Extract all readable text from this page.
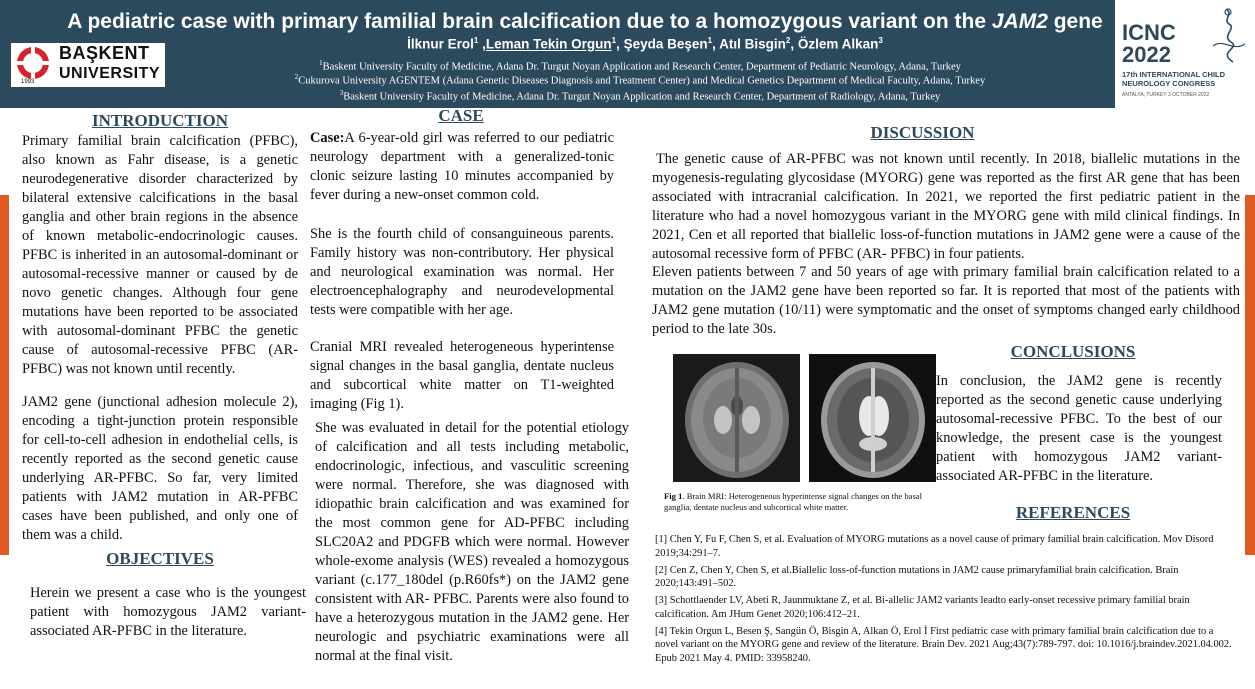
A pediatric case with primary familial brain calcification due to a homozygous variant on the JAM2 gene
İlknur Erol$^1$ ,Leman Tekin Orgun$^1$, Şeyda Beşen$^1$, Atıl Bisgin$^2$, Özlem Alkan$^3$
$^1$Baskent University Faculty of Medicine, Adana Dr. Turgut Noyan Application and Research Center, Department of Pediatric Neurology, Adana, Turkey
$^2$Cukurova University AGENTEM (Adana Genetic Diseases Diagnosis and Treatment Center) and Medical Genetics Department of Medical Faculty, Adana, Turkey
$^3$Baskent University Faculty of Medicine, Adana Dr. Turgut Noyan Application and Research Center, Department of Radiology, Adana, Turkey
BAŞKENT
UNIVERSITY
1993
ICNC
2022
17th INTERNATIONAL CHILD NEUROLOGY CONGRESS
ANTALYA, TURKEY 3 OCTOBER 2022
INTRODUCTION
Primary familial brain calcification (PFBC), also known as Fahr disease, is a genetic neurodegenerative disorder characterized by bilateral extensive calcifications in the basal ganglia and other brain regions in the absence of known metabolic-endocrinologic causes. PFBC is inherited in an autosomal-dominant or autosomal-recessive manner or caused by de novo genetic changes. Although four gene mutations have been reported to be associated with autosomal-dominant PFBC the genetic cause of autosomal-recessive PFBC (AR-PFBC) was not known until recently.
JAM2 gene (junctional adhesion molecule 2), encoding a tight-junction protein responsible for cell-to-cell adhesion in endothelial cells, is recently reported as the second genetic cause underlying AR-PFBC. So far, very limited patients with JAM2 mutation in AR-PFBC cases have been published, and only one of them was a child.
OBJECTIVES
Herein we present a case who is the youngest patient with homozygous JAM2 variant-associated AR-PFBC in the literature.
CASE
Case:A 6-year-old girl was referred to our pediatric neurology department with a generalized-tonic clonic seizure lasting 10 minutes accompanied by fever during a new-onset common cold.
She is the fourth child of consanguineous parents. Family history was non-contributory. Her physical and neurological examination was normal. Her electroencephalography and neurodevelopmental tests were compatible with her age.
Cranial MRI revealed heterogeneous hyperintense signal changes in the basal ganglia, dentate nucleus and subcortical white matter on T1-weighted imaging (Fig 1).
She was evaluated in detail for the potential etiology of calcification and all tests including metabolic, endocrinologic, infectious, and vasculitic screening were normal. Therefore, she was diagnosed with idiopathic brain calcification and was examined for the most common gene for AD-PFBC including SLC20A2 and PDGFB which were normal. However whole-exome analysis (WES) revealed a homozygous variant (c.177_180del (p.R60fs*) on the JAM2 gene consistent with AR- PFBC. Parents were also found to have a heterozygous mutation in the JAM2 gene. Her neurologic and psychiatric examinations were all normal at the final visit.
DISCUSSION
The genetic cause of AR-PFBC was not known until recently. In 2018, biallelic mutations in the myogenesis-regulating glycosidase (MYORG) gene was reported as the first AR gene that has been associated with intracranial calcification. In 2021, we reported the first pediatric patient in the literature who had a novel homozygous variant in the MYORG gene with mild clinical findings. In 2021, Cen et all reported that biallelic loss-of-function mutations in JAM2 gene were a cause of the autosomal recessive form of PFBC (AR- PFBC) in four patients.
Eleven patients between 7 and 50 years of age with primary familial brain calcification related to a mutation on the JAM2 gene have been reported so far. It is reported that most of the patients with JAM2 gene mutation (10/11) were symptomatic and the onset of symptoms changed early childhood period to the late 30s.
Fig 1. Brain MRI: Heterogeneous hyperintense signal changes on the basal ganglia, dentate nucleus and subcortical white matter.
CONCLUSIONS
In conclusion, the JAM2 gene is recently reported as the second genetic cause underlying autosomal-recessive PFBC. To the best of our knowledge, the present case is the youngest patient with homozygous JAM2 variant-associated AR-PFBC in the literature.
REFERENCES
[1] Chen Y, Fu F, Chen S, et al. Evaluation of MYORG mutations as a novel cause of primary familial brain calcification. Mov Disord 2019;34:291–7.
[2] Cen Z, Chen Y, Chen S, et al.Biallelic loss-of-function mutations in JAM2 cause primaryfamilial brain calcification. Brain 2020;143:491–502.
[3] Schottlaender LV, Abeti R, Jaunmuktane Z, et al. Bi-allelic JAM2 variants leadto early-onset recessive primary familial brain calcification. Am JHum Genet 2020;106:412–21.
[4] Tekin Orgun L, Besen Ş, Sangün Ö, Bisgin A, Alkan Ö, Erol İ First pediatric case with primary familial brain calcification due to a novel variant on the MYORG gene and review of the literature. Brain Dev. 2021 Aug;43(7):789-797. doi: 10.1016/j.braindev.2021.04.002. Epub 2021 May 4. PMID: 33958240.
